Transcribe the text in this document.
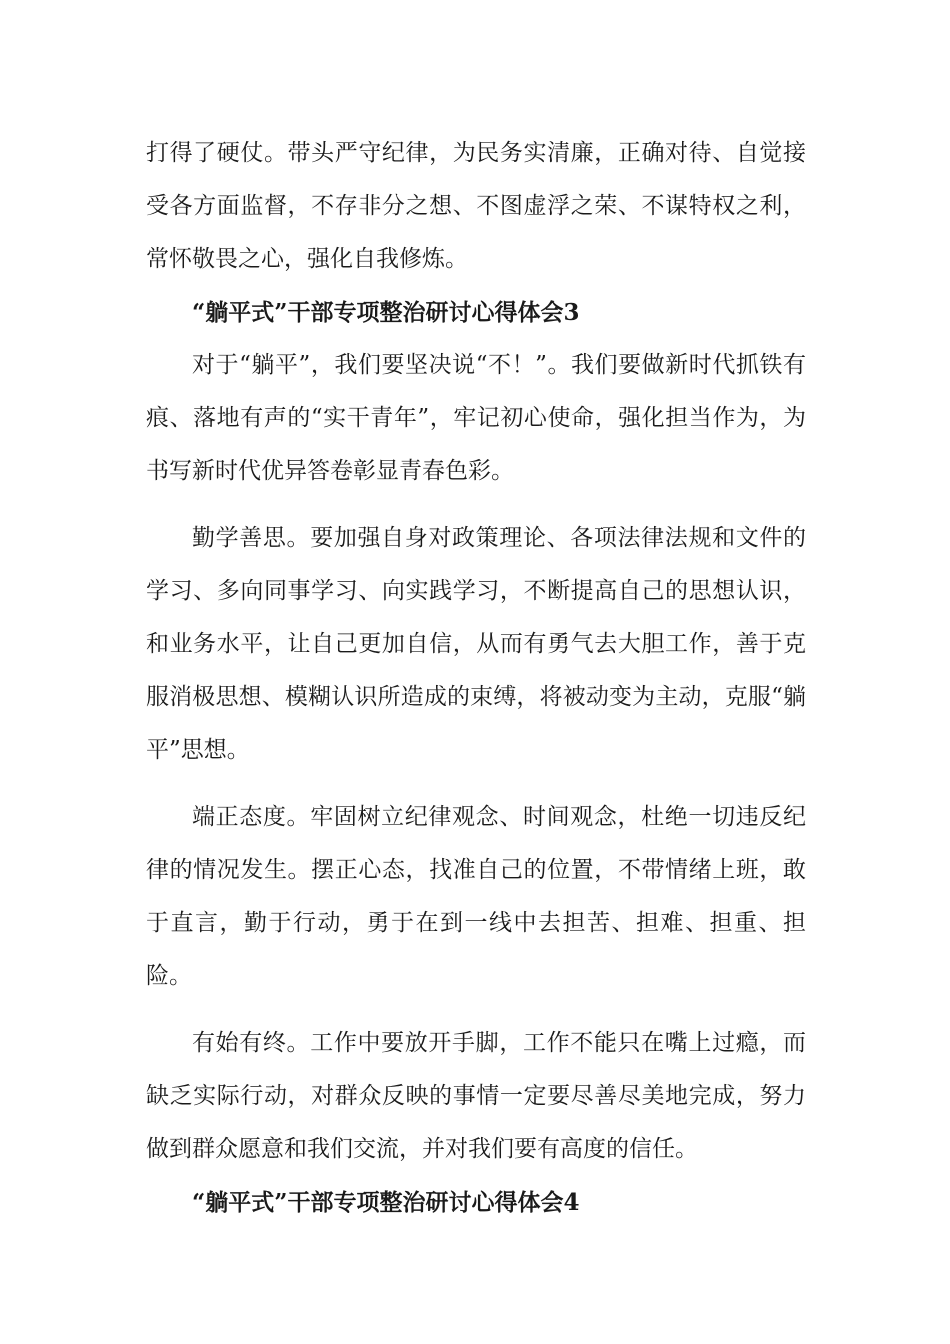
打得了硬仗。带头严守纪律，为民务实清廉，正确对待、自觉接受各方面监督，不存非分之想、不图虚浮之荣、不谋特权之利，常怀敬畏之心，强化自我修炼。

“躺平式”干部专项整治研讨心得体会3

对于“躺平”，我们要坚决说“不！”。我们要做新时代抓铁有痕、落地有声的“实干青年”，牢记初心使命，强化担当作为，为书写新时代优异答卷彰显青春色彩。

勤学善思。要加强自身对政策理论、各项法律法规和文件的学习、多向同事学习、向实践学习，不断提高自己的思想认识，和业务水平，让自己更加自信，从而有勇气去大胆工作，善于克服消极思想、模糊认识所造成的束缚，将被动变为主动，克服“躺平”思想。

端正态度。牢固树立纪律观念、时间观念，杜绝一切违反纪律的情况发生。摆正心态，找准自己的位置，不带情绪上班，敢于直言，勤于行动，勇于在到一线中去担苦、担难、担重、担险。

有始有终。工作中要放开手脚，工作不能只在嘴上过瘾，而缺乏实际行动，对群众反映的事情一定要尽善尽美地完成，努力做到群众愿意和我们交流，并对我们要有高度的信任。

“躺平式”干部专项整治研讨心得体会4
